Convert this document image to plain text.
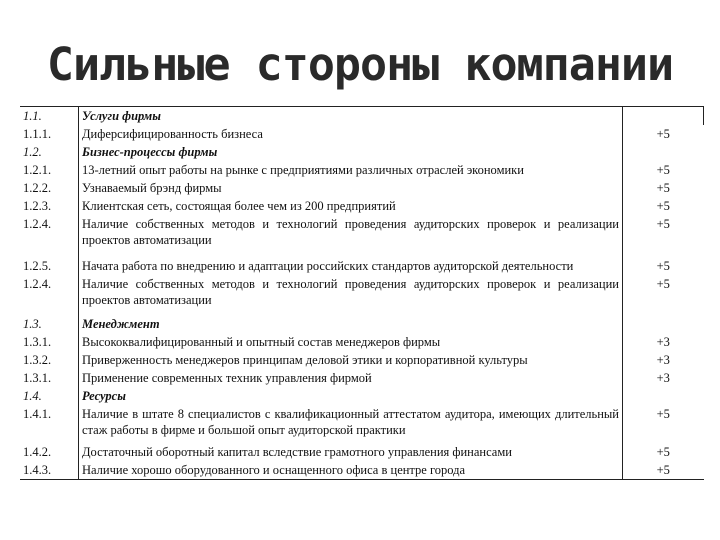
Сильные стороны компании
1.1.	Услуги фирмы	
1.1.1.	Диферсифицированность бизнеса	+5
1.2.	Бизнес-процессы фирмы	
1.2.1.	13-летний опыт работы на рынке с предприятиями различных отраслей экономики	+5
1.2.2.	Узнаваемый брэнд фирмы	+5
1.2.3.	Клиентская сеть, состоящая более чем из 200 предприятий	+5
1.2.4.	Наличие собственных методов и технологий проведения аудиторских проверок и реализации проектов автоматизации	+5
1.2.5.	Начата работа по внедрению и адаптации российских стандартов аудиторской деятельности	+5
1.2.4.	Наличие собственных методов и технологий проведения аудиторских проверок и реализации проектов автоматизации	+5
1.3.	Менеджмент	
1.3.1.	Высококвалифицированный и опытный состав менеджеров фирмы	+3
1.3.2.	Приверженность менеджеров принципам деловой этики и корпоративной культуры	+3
1.3.1.	Применение современных техник управления фирмой	+3
1.4.	Ресурсы	
1.4.1.	Наличие в штате 8 специалистов с квалификационный аттестатом аудитора, имеющих длительный стаж работы в фирме и большой опыт аудиторской практики	+5
1.4.2.	Достаточный оборотный капитал вследствие грамотного управления финансами	+5
1.4.3.	Наличие хорошо оборудованного и оснащенного офиса в центре города	+5
